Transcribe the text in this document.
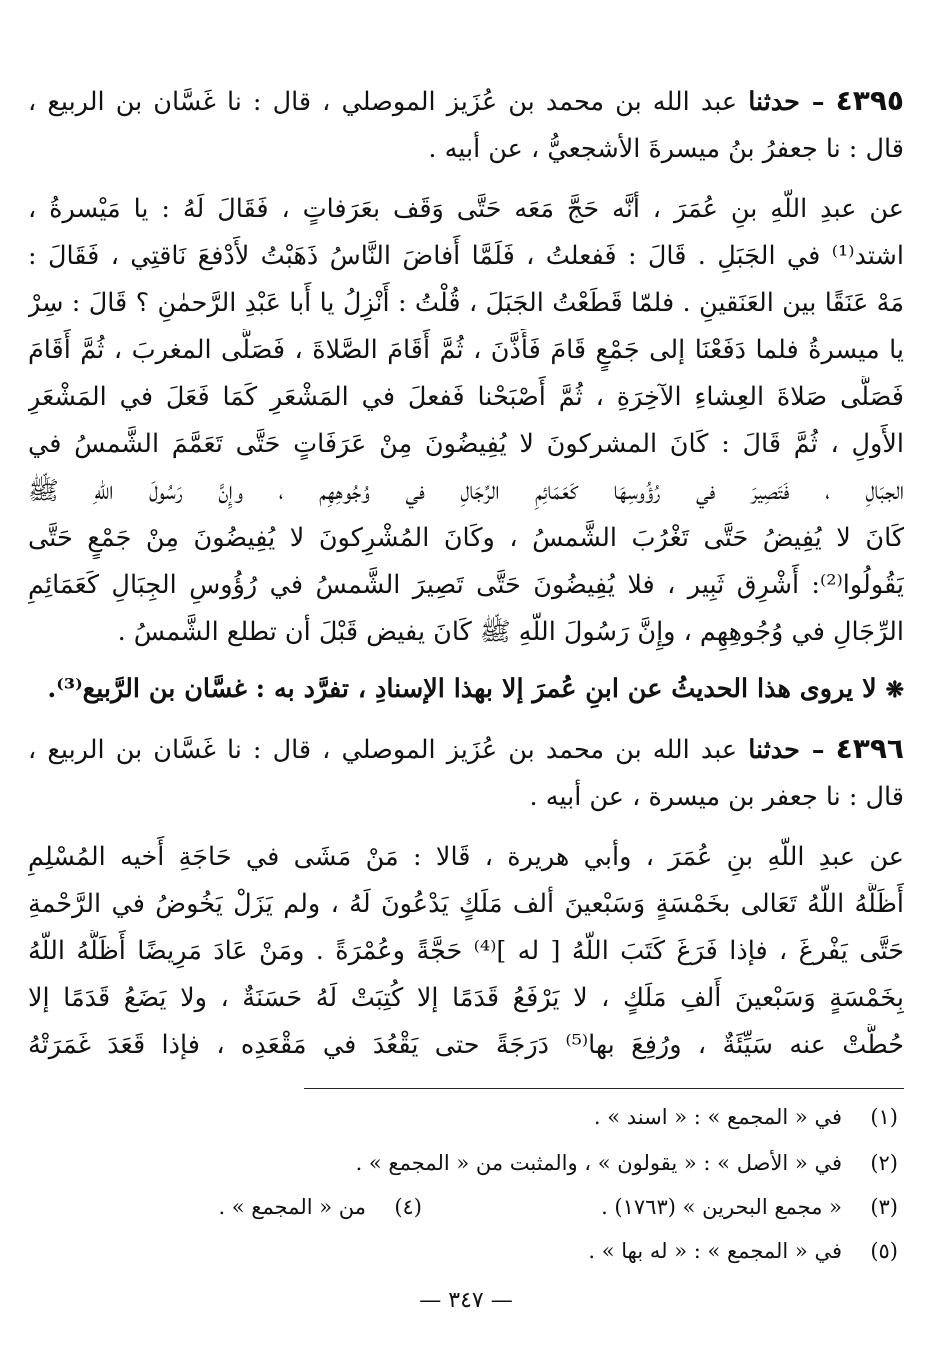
٤٣٩٥ – حدثنا عبد الله بن محمد بن عُزَيز الموصلي ، قال : نا غَسَّان بن الربيع ،
قال : نا جعفرُ بنُ ميسرةَ الأشجعيُّ ، عن أبيه .
عن عبدِ اللّهِ بنِ عُمَرَ ، أنَّه حَجَّ مَعَه حَتَّى وَقَف بعَرَفاتٍ ، فَقَالَ لَهُ : يا مَيْسرةُ ،
اشتد⁽¹⁾ في الجَبَلِ . قَالَ : فَفعلتُ ، فَلَمَّا أَفاضَ النَّاسُ ذَهَبْتُ لأَدْفعَ نَاقتِي ، فَقَالَ :
مَهْ عَنَقًا بين العَنَقينِ . فلمّا قَطَعْتُ الجَبَلَ ، قُلْتُ : أَنْزِلُ يا أَبا عَبْدِ الرَّحمٰنِ ؟ قَالَ : سِرْ
يا ميسرةُ فلما دَفَعْنَا إلى جَمْعٍ قَامَ فَأَذَّنَ ، ثُمَّ أَقَامَ الصَّلاةَ ، فَصَلَّى المغربَ ، ثُمَّ أَقَامَ
فَصَلَّى صَلاةَ العِشاءِ الآخِرَةِ ، ثُمَّ أَصْبَحْنا فَفعلَ في المَشْعَرِ كَمَا فَعَلَ في المَشْعَرِ
الأَولِ ، ثُمَّ قَالَ : كَانَ المشركونَ لا يُفِيضُونَ مِنْ عَرَفَاتٍ حَتَّى تَعَمَّمَ الشَّمسُ في
الجبَالِ ، فَتَصِيرَ في رُؤُوسِهَا كَعَمَائِمِ الرِّجَالِ في وُجُوهِهِم ، وإِنَّ رَسُولَ اللّهِ ﷺ
كَانَ لا يُفِيضُ حَتَّى تَغْرُبَ الشَّمسُ ، وكَانَ المُشْرِكونَ لا يُفِيضُونَ مِنْ جَمْعٍ حَتَّى
يَقُولُوا⁽²⁾: أَشْرِق ثَبِير ، فلا يُفِيضُونَ حَتَّى تَصِيرَ الشَّمسُ في رُؤُوسِ الجِبَالِ كَعَمَائِمِ
الرِّجَالِ في وُجُوهِهِم ، وإِنَّ رَسُولَ اللّهِ ﷺ كَانَ يفيض قَبْلَ أن تطلع الشَّمسُ .
❋ لا يروى هذا الحديثُ عن ابنِ عُمرَ إلا بهذا الإسنادِ ، تفرَّد به : غسَّان بن الرَّبيع⁽³⁾.
٤٣٩٦ – حدثنا عبد الله بن محمد بن عُزَيز الموصلي ، قال : نا غَسَّان بن الربيع ،
قال : نا جعفر بن ميسرة ، عن أبيه .
عن عبدِ اللّهِ بنِ عُمَرَ ، وأبي هريرة ، قَالا : مَنْ مَشَى في حَاجَةِ أَخيه المُسْلِمِ
أَظَلَّهُ اللّهُ تَعَالى بخَمْسَةٍ وَسَبْعينَ ألف مَلَكٍ يَدْعُونَ لَهُ ، ولم يَزَلْ يَخُوضُ في الرَّحْمةِ
حَتَّى يَفْرغَ ، فإذا فَرَغَ كَتَبَ اللّهُ [ له ]⁽⁴⁾ حَجَّةً وعُمْرَةً . ومَنْ عَادَ مَرِيضًا أَظَلَّهُ اللّهُ
بِخَمْسَةٍ وَسَبْعينَ أَلفِ مَلَكٍ ، لا يَرْفَعُ قَدَمًا إلا كُتِبَتْ لَهُ حَسَنَةٌ ، ولا يَضَعُ قَدَمًا إلا
حُطَّتْ عنه سَيِّئَةٌ ، ورُفِعَ بها⁽⁵⁾ دَرَجَةً حتى يَقْعُدَ في مَقْعَدِه ، فإذا قَعَدَ غَمَرَتْهُ
(١)في « المجمع » : « اسند » .
(٢)في « الأصل » : « يقولون » ، والمثبت من « المجمع » .
(٣)« مجمع البحرين » (١٧٦٣) .(٤)من « المجمع » .
(٥)في « المجمع » : « له بها » .
— ٣٤٧ —
